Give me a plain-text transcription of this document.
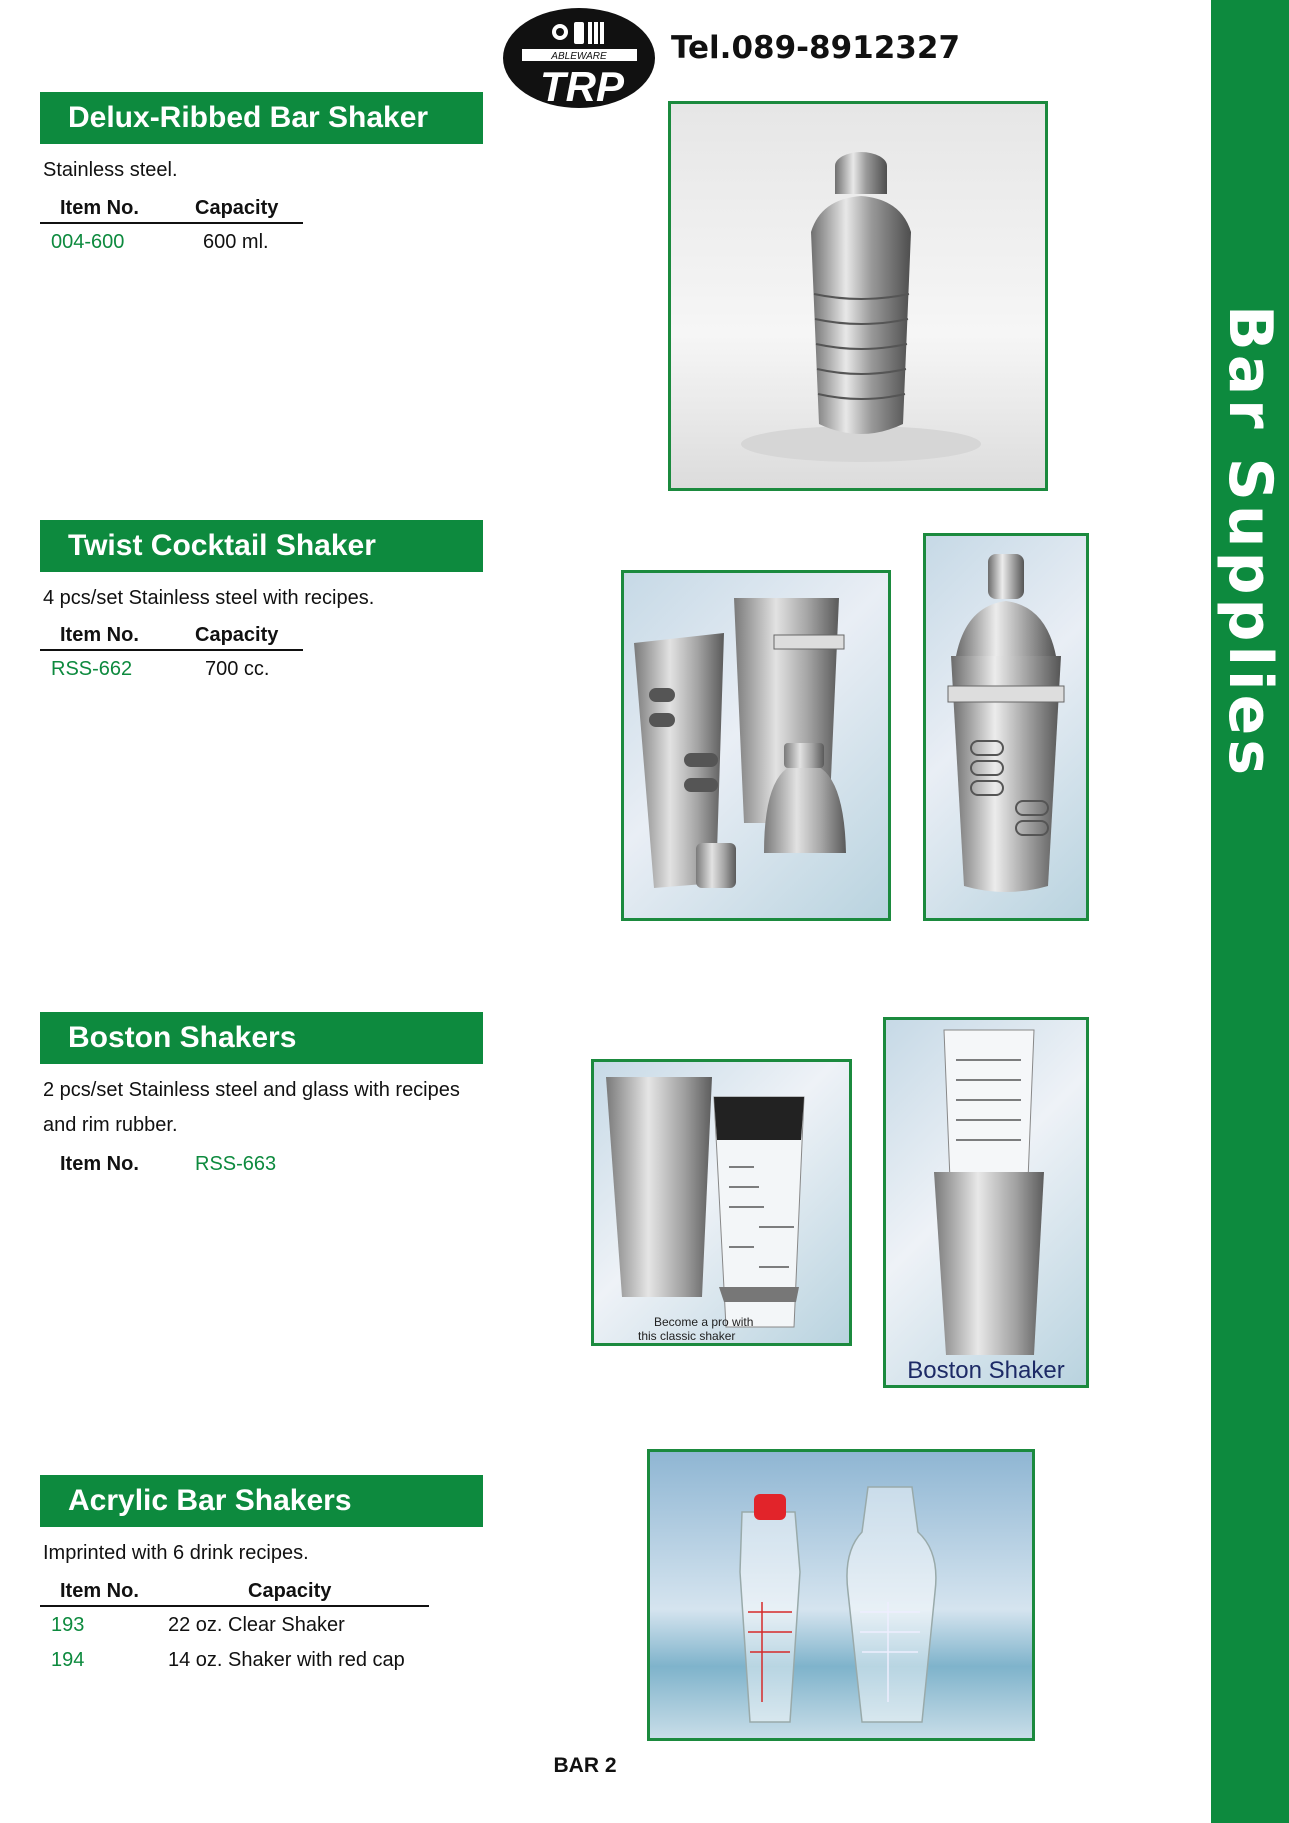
Bar Supplies
ABLEWARE
TRP
Tel.089-8912327
Delux-Ribbed Bar Shaker
Stainless steel.
Item No.	Capacity
004-600	600 ml.
Twist Cocktail Shaker
4 pcs/set Stainless steel with recipes.
Item No.	Capacity
RSS-662	700 cc.
Boston Shakers
2 pcs/set Stainless steel and glass with recipes
and rim rubber.
Item No.	RSS-663
Become a pro with
this classic shaker
Boston Shaker
Acrylic Bar Shakers
Imprinted with 6 drink recipes.
Item No.	Capacity
193	22 oz. Clear Shaker
194	14 oz. Shaker with red cap
BAR 2
